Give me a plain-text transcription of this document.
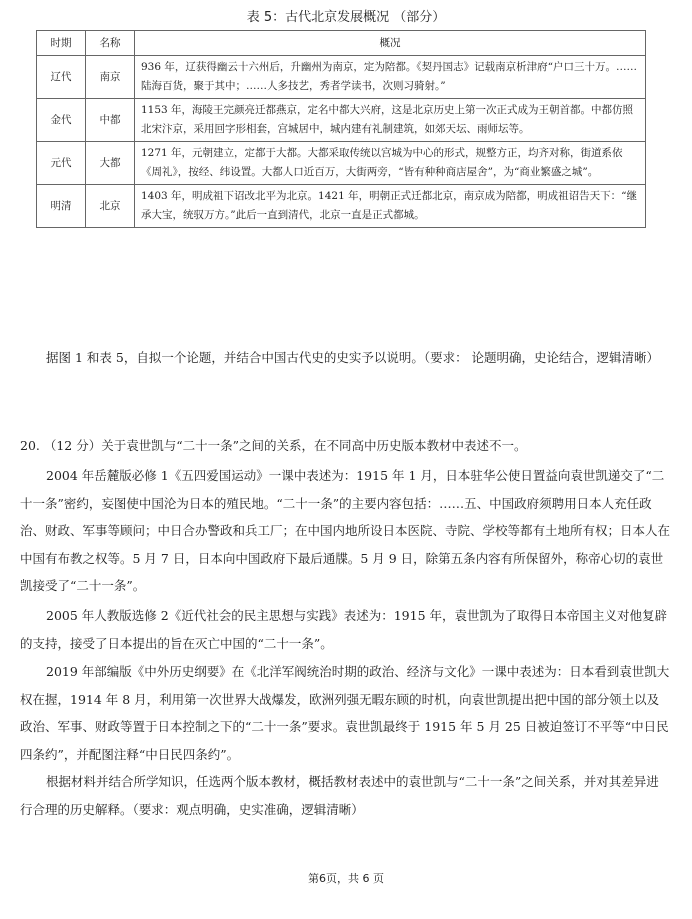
表 5：古代北京发展概况 （部分）
时期	名称	概况
辽代	南京	936 年，辽获得幽云十六州后，升幽州为南京，定为陪都。《契丹国志》记载南京析津府“户口三十万。……陆海百货，聚于其中；……人多技艺，秀者学读书，次则习骑射。”
金代	中都	1153 年，海陵王完颜亮迁都燕京，定名中都大兴府，这是北京历史上第一次正式成为王朝首都。中都仿照北宋汴京，采用回字形相套，宫城居中，城内建有礼制建筑，如郊天坛、雨师坛等。
元代	大都	1271 年，元朝建立，定都于大都。大都采取传统以宫城为中心的形式，规整方正，均齐对称，街道系依《周礼》，按经、纬设置。大都人口近百万，大街两旁，“皆有种种商店屋舍”，为“商业繁盛之城”。
明清	北京	1403 年，明成祖下诏改北平为北京。1421 年，明朝正式迁都北京，南京成为陪都，明成祖诏告天下：“继承大宝，统驭万方。”此后一直到清代，北京一直是正式都城。
据图 1 和表 5，自拟一个论题，并结合中国古代史的史实予以说明。（要求： 论题明确，史论结合，逻辑清晰）
20. （12 分）关于袁世凯与“二十一条”之间的关系，在不同高中历史版本教材中表述不一。
2004 年岳麓版必修 1《五四爱国运动》一课中表述为：1915 年 1 月，日本驻华公使日置益向袁世凯递交了“二十一条”密约，妄图使中国沦为日本的殖民地。“二十一条”的主要内容包括：……五、中国政府须聘用日本人充任政治、财政、军事等顾问；中日合办警政和兵工厂；在中国内地所设日本医院、寺院、学校等都有土地所有权；日本人在中国有布教之权等。5 月 7 日，日本向中国政府下最后通牒。5 月 9 日，除第五条内容有所保留外，称帝心切的袁世凯接受了“二十一条”。
2005 年人教版选修 2《近代社会的民主思想与实践》表述为：1915 年，袁世凯为了取得日本帝国主义对他复辟的支持，接受了日本提出的旨在灭亡中国的“二十一条”。
2019 年部编版《中外历史纲要》在《北洋军阀统治时期的政治、经济与文化》一课中表述为：日本看到袁世凯大权在握，1914 年 8 月，利用第一次世界大战爆发，欧洲列强无暇东顾的时机，向袁世凯提出把中国的部分领土以及政治、军事、财政等置于日本控制之下的“二十一条”要求。袁世凯最终于 1915 年 5 月 25 日被迫签订不平等“中日民四条约”，并配图注释“中日民四条约”。
根据材料并结合所学知识，任选两个版本教材，概括教材表述中的袁世凯与“二十一条”之间关系，并对其差异进行合理的历史解释。（要求：观点明确，史实准确，逻辑清晰）
第6页，共 6 页
